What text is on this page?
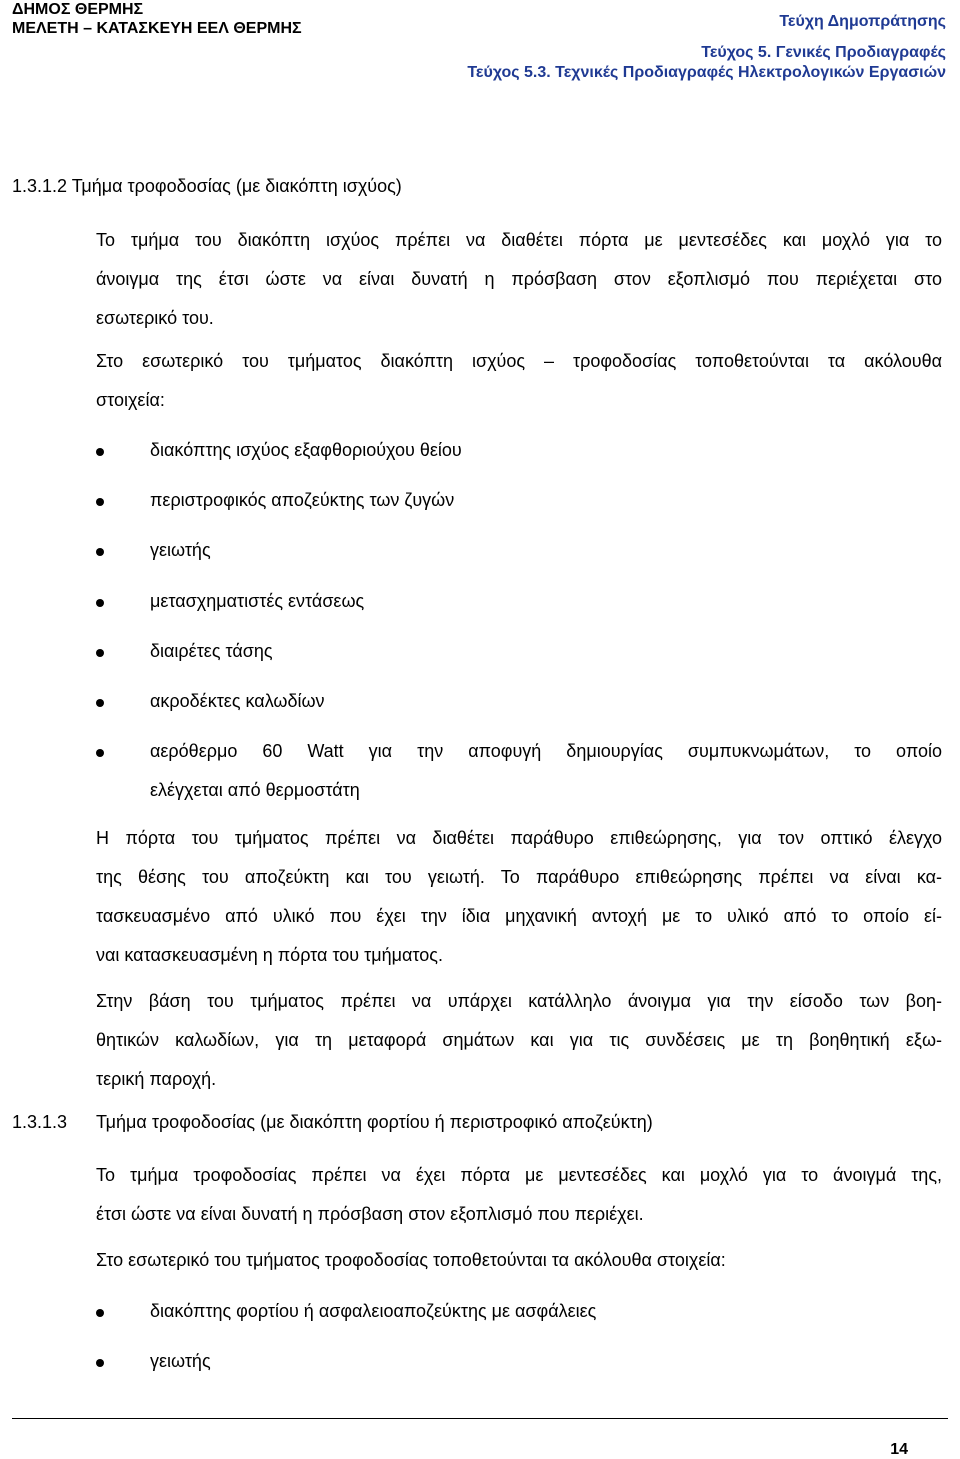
ΔΗΜΟΣ ΘΕΡΜΗΣ
ΜΕΛΕΤΗ – ΚΑΤΑΣΚΕΥΗ ΕΕΛ ΘΕΡΜΗΣ	Τεύχη Δημοπράτησης
Τεύχος 5. Γενικές Προδιαγραφές
Τεύχος 5.3. Τεχνικές Προδιαγραφές Ηλεκτρολογικών Εργασιών
1.3.1.2 Τμήμα τροφοδοσίας (με διακόπτη ισχύος)
Το τμήμα του διακόπτη ισχύος πρέπει να διαθέτει πόρτα με μεντεσέδες και μοχλό για το
άνοιγμα της έτσι ώστε να είναι δυνατή η πρόσβαση στον εξοπλισμό που περιέχεται στο
εσωτερικό του.
Στο εσωτερικό του τμήματος διακόπτη ισχύος – τροφοδοσίας τοποθετούνται τα ακόλουθα
στοιχεία:
διακόπτης ισχύος εξαφθοριούχου θείου
περιστροφικός αποζεύκτης των ζυγών
γειωτής
μετασχηματιστές εντάσεως
διαιρέτες τάσης
ακροδέκτες καλωδίων
αερόθερμο 60 Watt για την αποφυγή δημιουργίας συμπυκνωμάτων, το οποίο
ελέγχεται από θερμοστάτη
Η πόρτα του τμήματος πρέπει να διαθέτει παράθυρο επιθεώρησης, για τον οπτικό έλεγχο
της θέσης του αποζεύκτη και του γειωτή. Το παράθυρο επιθεώρησης πρέπει να είναι κα-
τασκευασμένο από υλικό που έχει την ίδια μηχανική αντοχή με το υλικό από το οποίο εί-
ναι κατασκευασμένη η πόρτα του τμήματος.
Στην βάση του τμήματος πρέπει να υπάρχει κατάλληλο άνοιγμα για την είσοδο των βοη-
θητικών καλωδίων, για τη μεταφορά σημάτων και για τις συνδέσεις με τη βοηθητική εξω-
τερική παροχή.
1.3.1.3 Τμήμα τροφοδοσίας (με διακόπτη φορτίου ή περιστροφικό αποζεύκτη)
Το τμήμα τροφοδοσίας πρέπει να έχει πόρτα με μεντεσέδες και μοχλό για το άνοιγμά της,
έτσι ώστε να είναι δυνατή η πρόσβαση στον εξοπλισμό που περιέχει.
Στο εσωτερικό του τμήματος τροφοδοσίας τοποθετούνται τα ακόλουθα στοιχεία:
διακόπτης φορτίου ή ασφαλειοαποζεύκτης με ασφάλειες
γειωτής
14
